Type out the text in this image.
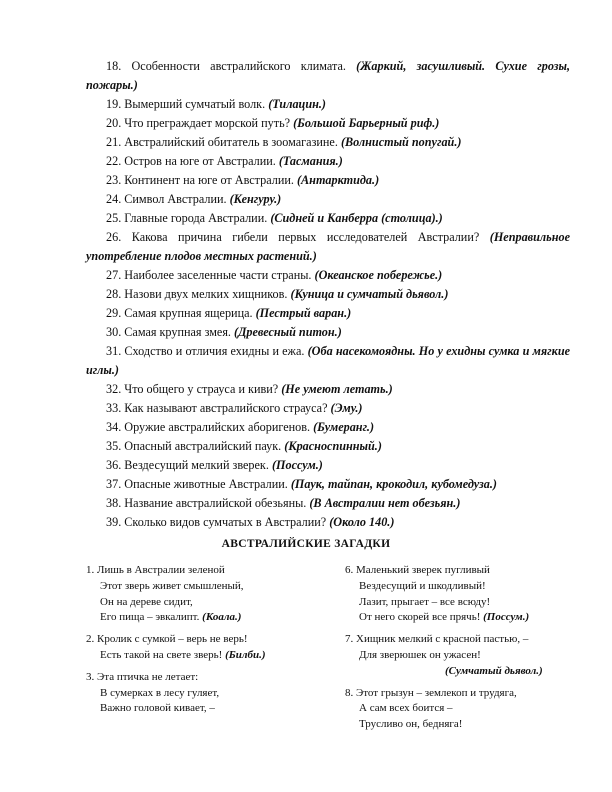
18. Особенности австралийского климата. (Жаркий, засушливый. Сухие грозы, пожары.)
19. Вымерший сумчатый волк. (Тилацин.)
20. Что преграждает морской путь? (Большой Барьерный риф.)
21. Австралийский обитатель в зоомагазине. (Волнистый попугай.)
22. Остров на юге от Австралии. (Тасмания.)
23. Континент на юге от Австралии. (Антарктида.)
24. Символ Австралии. (Кенгуру.)
25. Главные города Австралии. (Сидней и Канберра (столица).)
26. Какова причина гибели первых исследователей Австралии? (Неправильное употребление плодов местных растений.)
27. Наиболее заселенные части страны. (Океанское побережье.)
28. Назови двух мелких хищников. (Куница и сумчатый дьявол.)
29. Самая крупная ящерица. (Пестрый варан.)
30. Самая крупная змея. (Древесный питон.)
31. Сходство и отличия ехидны и ежа. (Оба насекомоядны. Но у ехидны сумка и мягкие иглы.)
32. Что общего у страуса и киви? (Не умеют летать.)
33. Как называют австралийского страуса? (Эму.)
34. Оружие австралийских аборигенов. (Бумеранг.)
35. Опасный австралийский паук. (Красноспинный.)
36. Вездесущий мелкий зверек. (Поссум.)
37. Опасные животные Австралии. (Паук, тайпан, крокодил, кубомедуза.)
38. Название австралийской обезьяны. (В Австралии нет обезьян.)
39. Сколько видов сумчатых в Австралии? (Около 140.)
АВСТРАЛИЙСКИЕ ЗАГАДКИ
1. Лишь в Австралии зеленой
Этот зверь живет смышленый,
Он на дереве сидит,
Его пища – эвкалипт. (Коала.)
2. Кролик с сумкой – верь не верь!
Есть такой на свете зверь! (Билби.)
3. Эта птичка не летает:
В сумерках в лесу гуляет,
Важно головой кивает, –
6. Маленький зверек пугливый
Вездесущий и шкодливый!
Лазит, прыгает – все всюду!
От него скорей все прячь! (Поссум.)
7. Хищник мелкий с красной пастью, –
Для зверюшек он ужасен!
(Сумчатый дьявол.)
8. Этот грызун – землекоп и трудяга,
А сам всех боится –
Трусливо он, бедняга!
